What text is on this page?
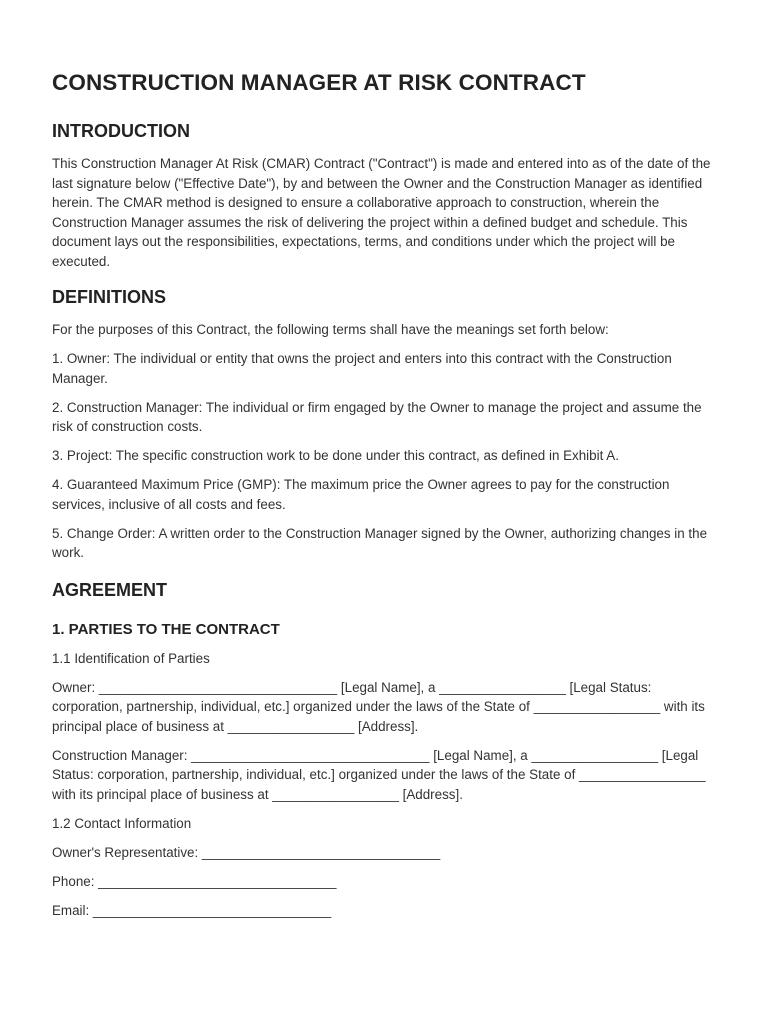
CONSTRUCTION MANAGER AT RISK CONTRACT
INTRODUCTION

This Construction Manager At Risk (CMAR) Contract ("Contract") is made and entered into as of the date of the last signature below ("Effective Date"), by and between the Owner and the Construction Manager as identified herein. The CMAR method is designed to ensure a collaborative approach to construction, wherein the Construction Manager assumes the risk of delivering the project within a defined budget and schedule. This document lays out the responsibilities, expectations, terms, and conditions under which the project will be executed.

DEFINITIONS

For the purposes of this Contract, the following terms shall have the meanings set forth below:

1. Owner: The individual or entity that owns the project and enters into this contract with the Construction Manager.

2. Construction Manager: The individual or firm engaged by the Owner to manage the project and assume the risk of construction costs.

3. Project: The specific construction work to be done under this contract, as defined in Exhibit A.

4. Guaranteed Maximum Price (GMP): The maximum price the Owner agrees to pay for the construction services, inclusive of all costs and fees.

5. Change Order: A written order to the Construction Manager signed by the Owner, authorizing changes in the work.

AGREEMENT
1. PARTIES TO THE CONTRACT

1.1 Identification of Parties

Owner: ________________________________ [Legal Name], a _________________ [Legal Status: corporation, partnership, individual, etc.] organized under the laws of the State of _________________ with its principal place of business at _________________ [Address].

Construction Manager: ________________________________ [Legal Name], a _________________ [Legal Status: corporation, partnership, individual, etc.] organized under the laws of the State of _________________ with its principal place of business at _________________ [Address].

1.2 Contact Information

Owner's Representative: ________________________________

Phone: ________________________________

Email: ________________________________
